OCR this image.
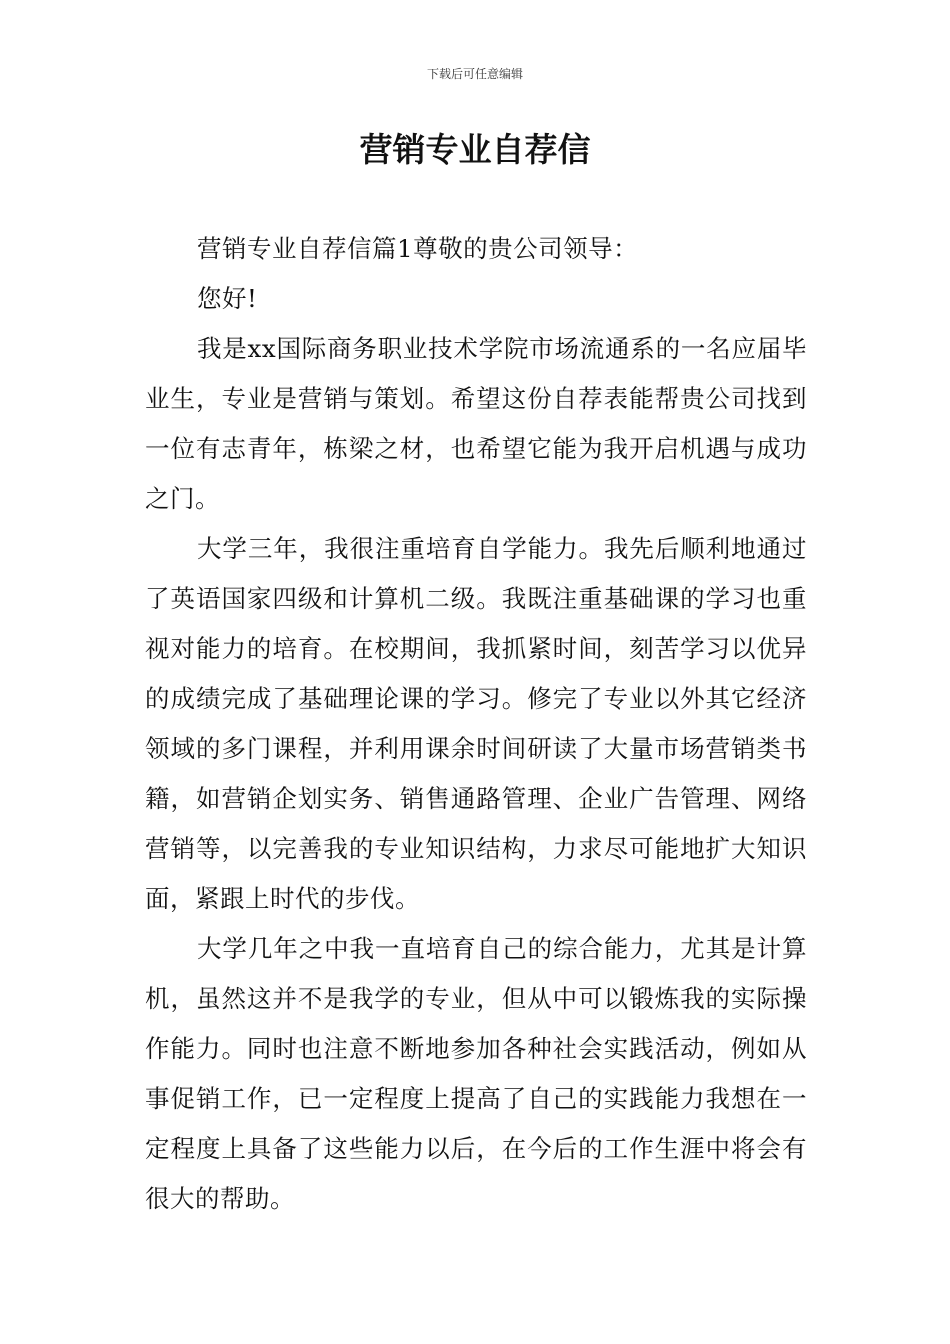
下载后可任意编辑
营销专业自荐信

营销专业自荐信篇1尊敬的贵公司领导：

您好!

我是xx国际商务职业技术学院市场流通系的一名应届毕业生，专业是营销与策划。希望这份自荐表能帮贵公司找到一位有志青年，栋梁之材，也希望它能为我开启机遇与成功之门。

大学三年，我很注重培育自学能力。我先后顺利地通过了英语国家四级和计算机二级。我既注重基础课的学习也重视对能力的培育。在校期间，我抓紧时间，刻苦学习以优异的成绩完成了基础理论课的学习。修完了专业以外其它经济领域的多门课程，并利用课余时间研读了大量市场营销类书籍，如营销企划实务、销售通路管理、企业广告管理、网络营销等，以完善我的专业知识结构，力求尽可能地扩大知识面，紧跟上时代的步伐。

大学几年之中我一直培育自己的综合能力，尤其是计算机，虽然这并不是我学的专业，但从中可以锻炼我的实际操作能力。同时也注意不断地参加各种社会实践活动，例如从事促销工作，已一定程度上提高了自己的实践能力我想在一定程度上具备了这些能力以后，在今后的工作生涯中将会有很大的帮助。
